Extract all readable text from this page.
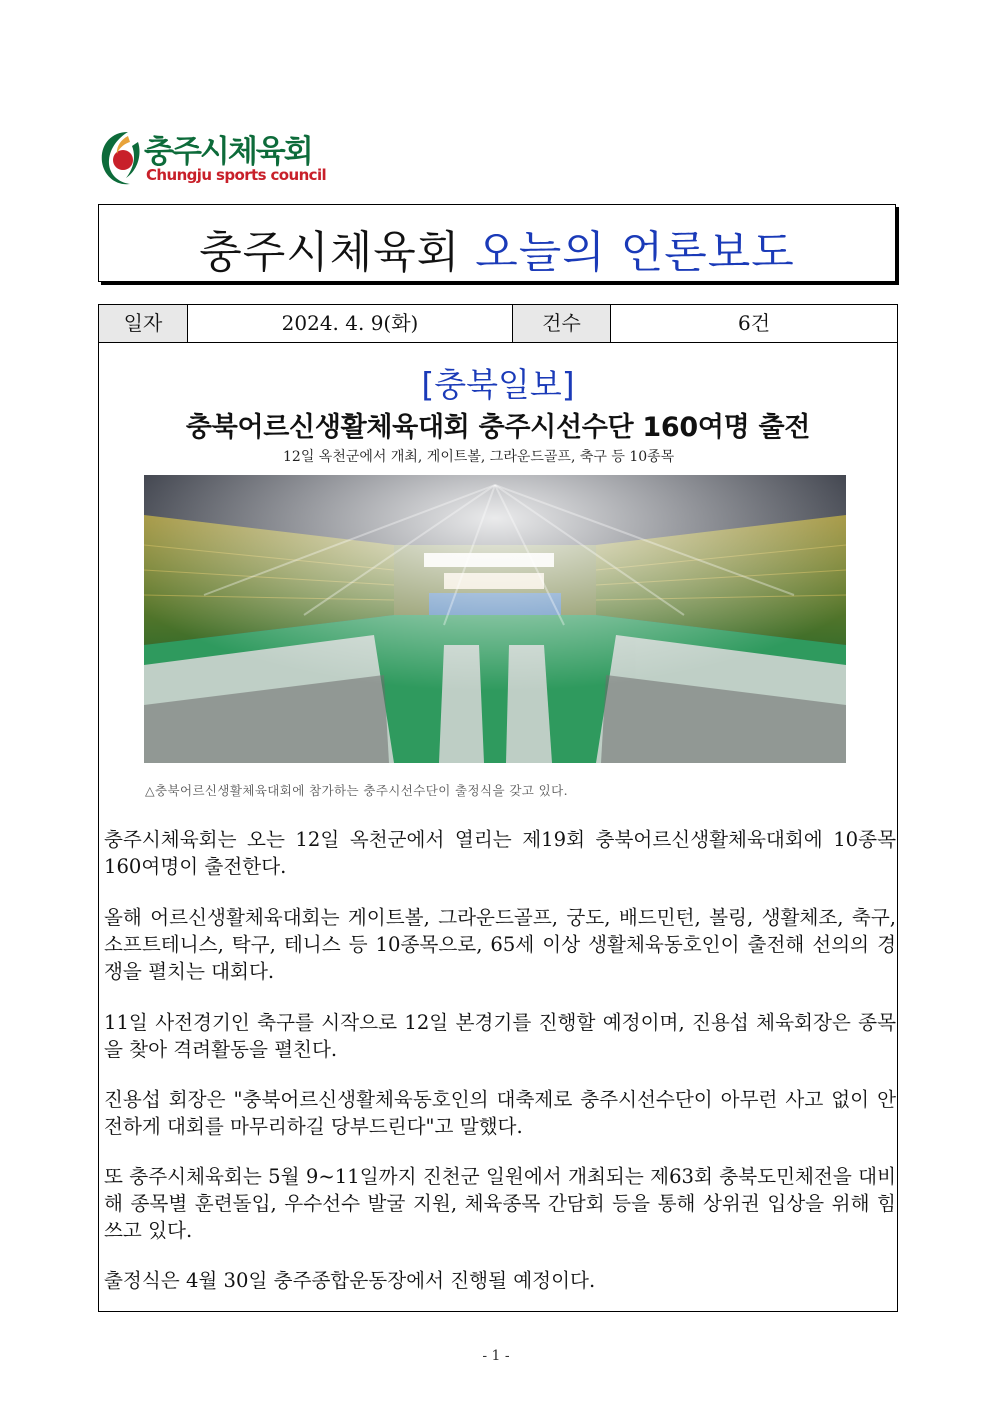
충주시체육회
Chungju sports council
충주시체육회 오늘의 언론보도
일자	2024. 4. 9(화)	건수	6건
[충북일보]
충북어르신생활체육대회 충주시선수단 160여명 출전
12일 옥천군에서 개최, 게이트볼, 그라운드골프, 축구 등 10종목
△충북어르신생활체육대회에 참가하는 충주시선수단이 출정식을 갖고 있다.

충주시체육회는 오는 12일 옥천군에서 열리는 제19회 충북어르신생활체육대회에 10종목 160여명이 출전한다.

올해 어르신생활체육대회는 게이트볼, 그라운드골프, 궁도, 배드민턴, 볼링, 생활체조, 축구, 소프트테니스, 탁구, 테니스 등 10종목으로, 65세 이상 생활체육동호인이 출전해 선의의 경쟁을 펼치는 대회다.

11일 사전경기인 축구를 시작으로 12일 본경기를 진행할 예정이며, 진용섭 체육회장은 종목을 찾아 격려활동을 펼친다.

진용섭 회장은 "충북어르신생활체육동호인의 대축제로 충주시선수단이 아무런 사고 없이 안전하게 대회를 마무리하길 당부드린다"고 말했다.

또 충주시체육회는 5월 9~11일까지 진천군 일원에서 개최되는 제63회 충북도민체전을 대비해 종목별 훈련돌입, 우수선수 발굴 지원, 체육종목 간담회 등을 통해 상위권 입상을 위해 힘쓰고 있다.

출정식은 4월 30일 충주종합운동장에서 진행될 예정이다.

- 1 -
